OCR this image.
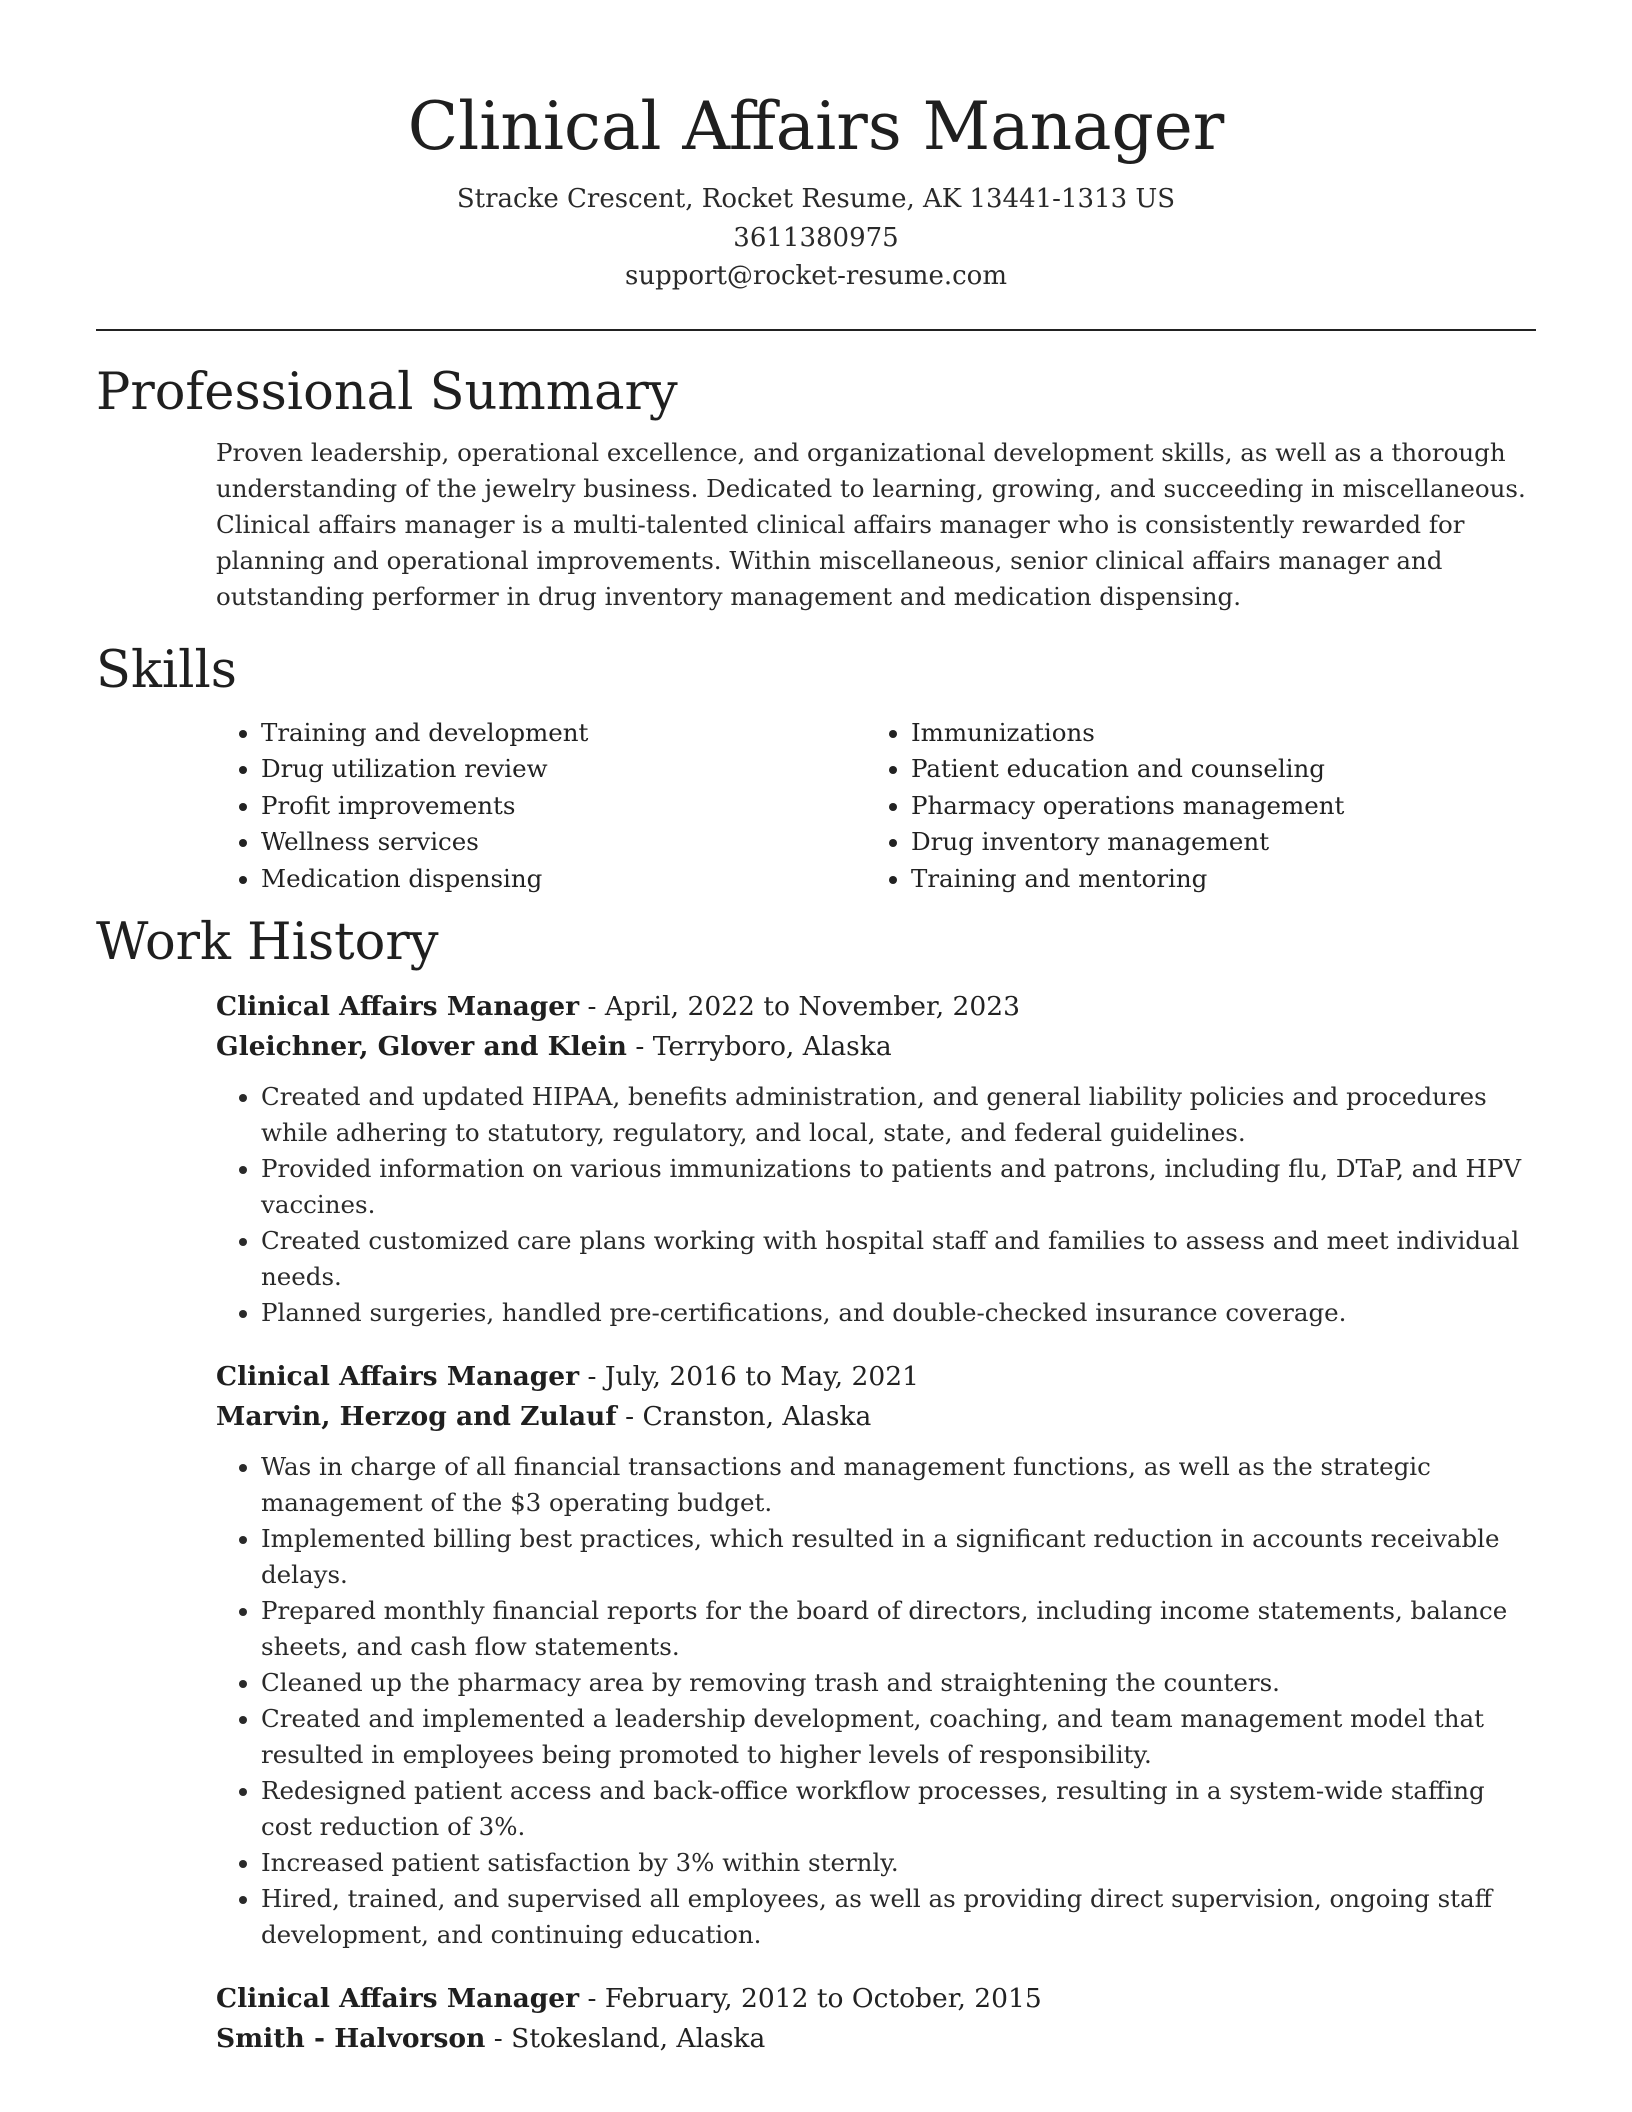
Clinical Affairs Manager
Stracke Crescent, Rocket Resume, AK 13441-1313 US
3611380975
support@rocket-resume.com
Professional Summary

Proven leadership, operational excellence, and organizational development skills, as well as a thorough understanding of the jewelry business. Dedicated to learning, growing, and succeeding in miscellaneous. Clinical affairs manager is a multi-talented clinical affairs manager who is consistently rewarded for planning and operational improvements. Within miscellaneous, senior clinical affairs manager and outstanding performer in drug inventory management and medication dispensing.

Skills
• Training and development
• Drug utilization review
• Profit improvements
• Wellness services
• Medication dispensing
• Immunizations
• Patient education and counseling
• Pharmacy operations management
• Drug inventory management
• Training and mentoring
Work History
Clinical Affairs Manager - April, 2022 to November, 2023
Gleichner, Glover and Klein - Terryboro, Alaska
• Created and updated HIPAA, benefits administration, and general liability policies and procedures while adhering to statutory, regulatory, and local, state, and federal guidelines.
• Provided information on various immunizations to patients and patrons, including flu, DTaP, and HPV vaccines.
• Created customized care plans working with hospital staff and families to assess and meet individual needs.
• Planned surgeries, handled pre-certifications, and double-checked insurance coverage.
Clinical Affairs Manager - July, 2016 to May, 2021
Marvin, Herzog and Zulauf - Cranston, Alaska
• Was in charge of all financial transactions and management functions, as well as the strategic management of the $3 operating budget.
• Implemented billing best practices, which resulted in a significant reduction in accounts receivable delays.
• Prepared monthly financial reports for the board of directors, including income statements, balance sheets, and cash flow statements.
• Cleaned up the pharmacy area by removing trash and straightening the counters.
• Created and implemented a leadership development, coaching, and team management model that resulted in employees being promoted to higher levels of responsibility.
• Redesigned patient access and back-office workflow processes, resulting in a system-wide staffing cost reduction of 3%.
• Increased patient satisfaction by 3% within sternly.
• Hired, trained, and supervised all employees, as well as providing direct supervision, ongoing staff development, and continuing education.
Clinical Affairs Manager - February, 2012 to October, 2015
Smith - Halvorson - Stokesland, Alaska
